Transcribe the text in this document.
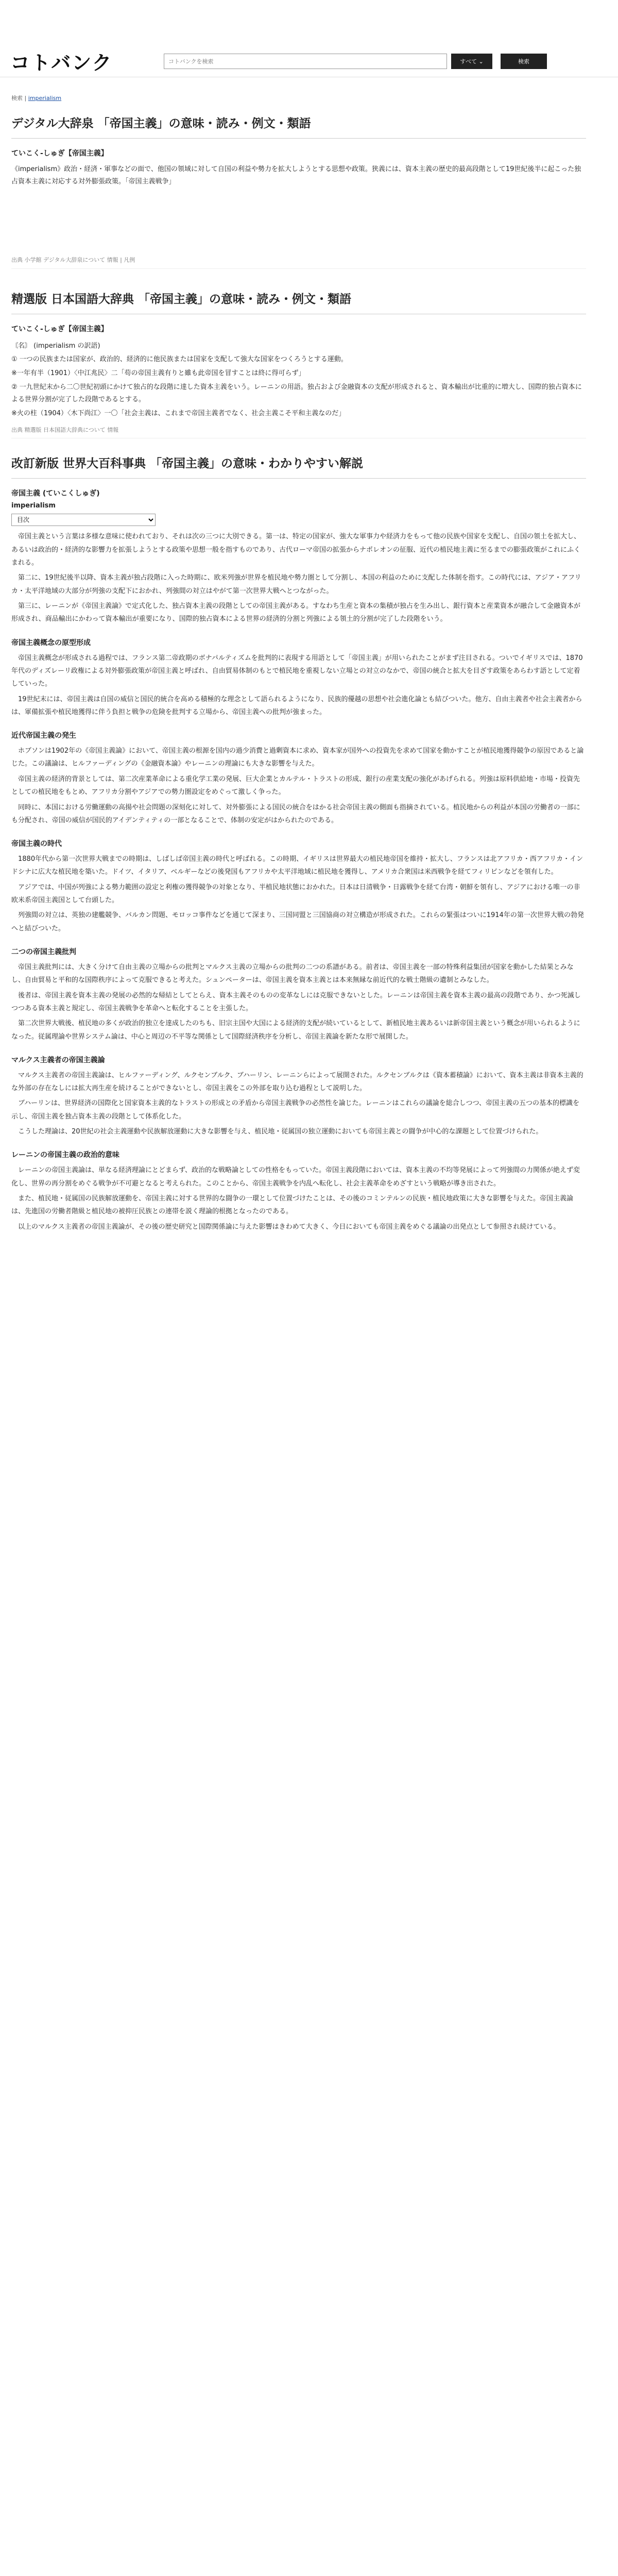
コトバンク
コトバンクを検索	すべて ⌄	検索
検索 | imperialism
デジタル大辞泉 「帝国主義」の意味・読み・例文・類語
ていこく‐しゅぎ【帝国主義】
《imperialism》政治・経済・軍事などの面で、他国の領域に対して自国の利益や勢力を拡大しようとする思想や政策。狭義には、資本主義の歴史的最高段階として19世紀後半に起こった独占資本主義に対応する対外膨張政策。「帝国主義戦争」
出典 小学館 デジタル大辞泉について 情報 | 凡例
精選版 日本国語大辞典 「帝国主義」の意味・読み・例文・類語
ていこく‐しゅぎ【帝国主義】

〘名〙 (imperialism の訳語)

① 一つの民族または国家が、政治的、経済的に他民族または国家を支配して強大な国家をつくろうとする運動。

※一年有半（1901）〈中江兆民〉二「苟の帝国主義有りと雖も此帝国を冒すことは終に得可らず」

② 一九世紀末から二〇世紀初頭にかけて独占的な段階に達した資本主義をいう。レーニンの用語。独占および金融資本の支配が形成されると、資本輸出が比重的に増大し、国際的独占資本による世界分割が完了した段階であるとする。

※火の柱（1904）〈木下尚江〉一〇「社会主義は、これまで帝国主義者でなく、社会主義こそ平和主義なのだ」

出典 精選版 日本国語大辞典について 情報
改訂新版 世界大百科事典 「帝国主義」の意味・わかりやすい解説
帝国主義 (ていこくしゅぎ)
imperialism
目次

帝国主義という言葉は多様な意味に使われており、それは次の三つに大別できる。第一は、特定の国家が、強大な軍事力や経済力をもって他の民族や国家を支配し、自国の領土を拡大し、あるいは政治的・経済的な影響力を拡張しようとする政策や思想一般を指すものであり、古代ローマ帝国の拡張からナポレオンの征服、近代の植民地主義に至るまでの膨張政策がこれにふくまれる。

第二に、19世紀後半以降、資本主義が独占段階に入った時期に、欧米列強が世界を植民地や勢力圏として分割し、本国の利益のために支配した体制を指す。この時代には、アジア・アフリカ・太平洋地域の大部分が列強の支配下におかれ、列強間の対立はやがて第一次世界大戦へとつながった。

第三に、レーニンが《帝国主義論》で定式化した、独占資本主義の段階としての帝国主義がある。すなわち生産と資本の集積が独占を生み出し、銀行資本と産業資本が融合して金融資本が形成され、商品輸出にかわって資本輸出が重要になり、国際的独占資本による世界の経済的分割と列強による領土的分割が完了した段階をいう。

帝国主義概念の原型形成

帝国主義概念が形成される過程では、フランス第二帝政期のボナパルティズムを批判的に表現する用語として「帝国主義」が用いられたことがまず注目される。ついでイギリスでは、1870年代のディズレーリ政権による対外膨張政策が帝国主義と呼ばれ、自由貿易体制のもとで植民地を重視しない立場との対立のなかで、帝国の統合と拡大を目ざす政策をあらわす語として定着していった。

19世紀末には、帝国主義は自国の威信と国民的統合を高める積極的な理念として語られるようになり、民族的優越の思想や社会進化論とも結びついた。他方、自由主義者や社会主義者からは、軍備拡張や植民地獲得に伴う負担と戦争の危険を批判する立場から、帝国主義への批判が強まった。

近代帝国主義の発生

ホブソンは1902年の《帝国主義論》において、帝国主義の根源を国内の過少消費と過剰資本に求め、資本家が国外への投資先を求めて国家を動かすことが植民地獲得競争の原因であると論じた。この議論は、ヒルファーディングの《金融資本論》やレーニンの理論にも大きな影響を与えた。

帝国主義の経済的背景としては、第二次産業革命による重化学工業の発展、巨大企業とカルテル・トラストの形成、銀行の産業支配の強化があげられる。列強は原料供給地・市場・投資先としての植民地をもとめ、アフリカ分割やアジアでの勢力圏設定をめぐって激しく争った。

同時に、本国における労働運動の高揚や社会問題の深刻化に対して、対外膨張による国民の統合をはかる社会帝国主義の側面も指摘されている。植民地からの利益が本国の労働者の一部にも分配され、帝国の威信が国民的アイデンティティの一部となることで、体制の安定がはかられたのである。

帝国主義の時代

1880年代から第一次世界大戦までの時期は、しばしば帝国主義の時代と呼ばれる。この時期、イギリスは世界最大の植民地帝国を維持・拡大し、フランスは北アフリカ・西アフリカ・インドシナに広大な植民地を築いた。ドイツ、イタリア、ベルギーなどの後発国もアフリカや太平洋地域に植民地を獲得し、アメリカ合衆国は米西戦争を経てフィリピンなどを領有した。

アジアでは、中国が列強による勢力範囲の設定と利権の獲得競争の対象となり、半植民地状態におかれた。日本は日清戦争・日露戦争を経て台湾・朝鮮を領有し、アジアにおける唯一の非欧米系帝国主義国として台頭した。

列強間の対立は、英独の建艦競争、バルカン問題、モロッコ事件などを通じて深まり、三国同盟と三国協商の対立構造が形成された。これらの緊張はついに1914年の第一次世界大戦の勃発へと結びついた。

二つの帝国主義批判

帝国主義批判には、大きく分けて自由主義の立場からの批判とマルクス主義の立場からの批判の二つの系譜がある。前者は、帝国主義を一部の特殊利益集団が国家を動かした結果とみなし、自由貿易と平和的な国際秩序によって克服できると考えた。シュンペーターは、帝国主義を資本主義とは本来無縁な前近代的な戦士階級の遺制とみなした。

後者は、帝国主義を資本主義の発展の必然的な帰結としてとらえ、資本主義そのものの変革なしには克服できないとした。レーニンは帝国主義を資本主義の最高の段階であり、かつ死滅しつつある資本主義と規定し、帝国主義戦争を革命へと転化することを主張した。

第二次世界大戦後、植民地の多くが政治的独立を達成したのちも、旧宗主国や大国による経済的支配が続いているとして、新植民地主義あるいは新帝国主義という概念が用いられるようになった。従属理論や世界システム論は、中心と周辺の不平等な関係として国際経済秩序を分析し、帝国主義論を新たな形で展開した。

マルクス主義者の帝国主義論

マルクス主義者の帝国主義論は、ヒルファーディング、ルクセンブルク、ブハーリン、レーニンらによって展開された。ルクセンブルクは《資本蓄積論》において、資本主義は非資本主義的な外部の存在なしには拡大再生産を続けることができないとし、帝国主義をこの外部を取り込む過程として説明した。

ブハーリンは、世界経済の国際化と国家資本主義的なトラストの形成との矛盾から帝国主義戦争の必然性を論じた。レーニンはこれらの議論を総合しつつ、帝国主義の五つの基本的標識を示し、帝国主義を独占資本主義の段階として体系化した。

こうした理論は、20世紀の社会主義運動や民族解放運動に大きな影響を与え、植民地・従属国の独立運動においても帝国主義との闘争が中心的な課題として位置づけられた。

レーニンの帝国主義の政治的意味

レーニンの帝国主義論は、単なる経済理論にとどまらず、政治的な戦略論としての性格をもっていた。帝国主義段階においては、資本主義の不均等発展によって列強間の力関係が絶えず変化し、世界の再分割をめぐる戦争が不可避となると考えられた。このことから、帝国主義戦争を内乱へ転化し、社会主義革命をめざすという戦略が導き出された。

また、植民地・従属国の民族解放運動を、帝国主義に対する世界的な闘争の一環として位置づけたことは、その後のコミンテルンの民族・植民地政策に大きな影響を与えた。帝国主義論は、先進国の労働者階級と植民地の被抑圧民族との連帯を説く理論的根拠となったのである。

以上のマルクス主義者の帝国主義論が、その後の歴史研究と国際関係論に与えた影響はきわめて大きく、今日においても帝国主義をめぐる議論の出発点として参照され続けている。
